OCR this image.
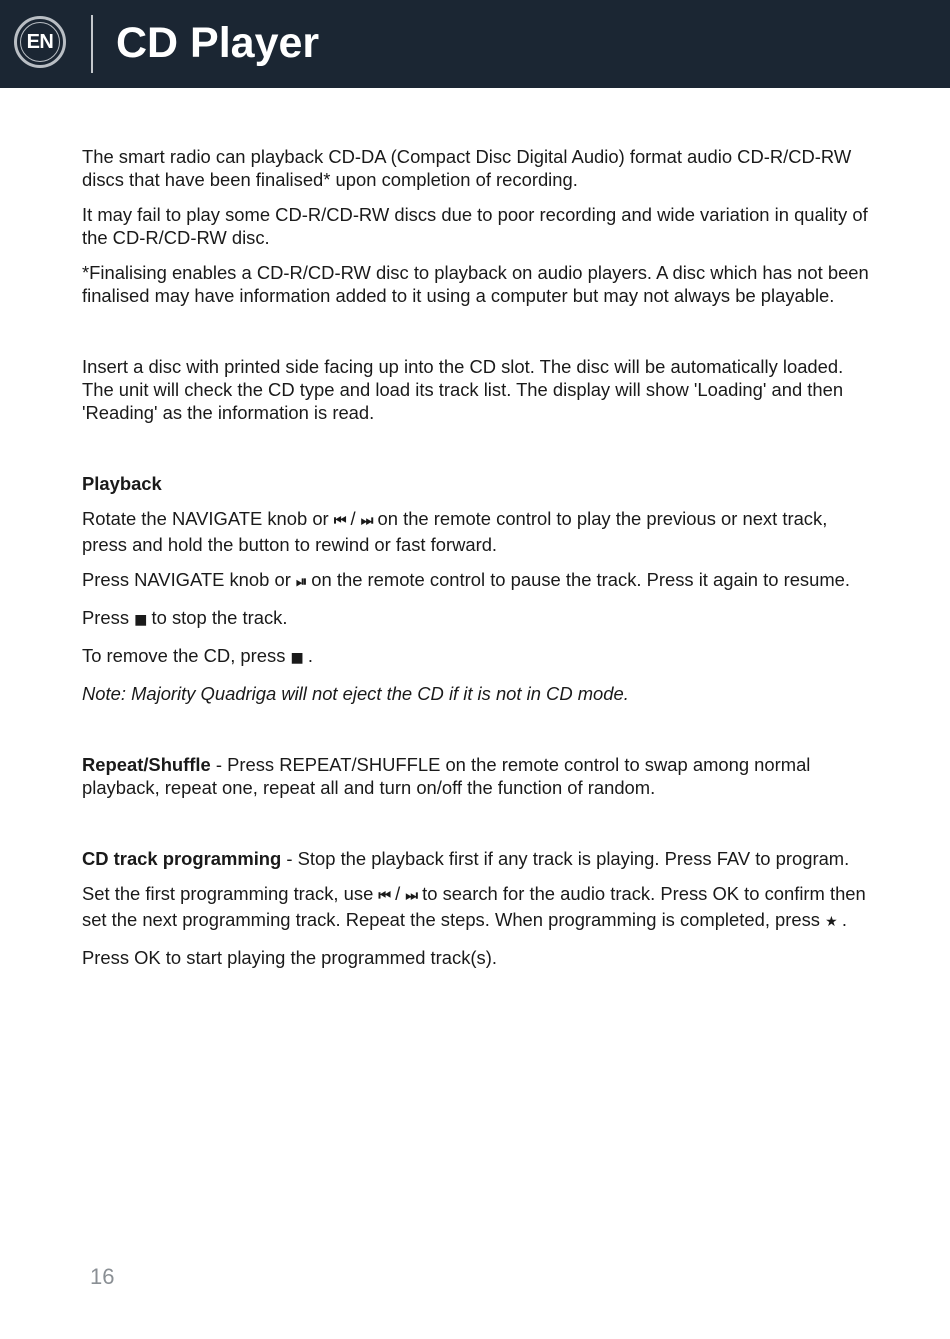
EN CD Player

The smart radio can playback CD-DA (Compact Disc Digital Audio) format audio CD-R/CD-RW discs that have been finalised* upon completion of recording.

It may fail to play some CD-R/CD-RW discs due to poor recording and wide variation in quality of the CD-R/CD-RW disc.

*Finalising enables a CD-R/CD-RW disc to playback on audio players. A disc which has not been finalised may have information added to it using a computer but may not always be playable.

Insert a disc with printed side facing up into the CD slot. The disc will be automatically loaded. The unit will check the CD type and load its track list. The display will show 'Loading' and then 'Reading' as the information is read.

Playback

Rotate the NAVIGATE knob or ⏮ / ⏭ on the remote control to play the previous or next track, press and hold the button to rewind or fast forward.

Press NAVIGATE knob or ⏯ on the remote control to pause the track. Press it again to resume.

Press ■ to stop the track.

To remove the CD, press ■ .

Note: Majority Quadriga will not eject the CD if it is not in CD mode.

Repeat/Shuffle - Press REPEAT/SHUFFLE on the remote control to swap among normal playback, repeat one, repeat all and turn on/off the function of random.

CD track programming - Stop the playback first if any track is playing. Press FAV to program.

Set the first programming track, use ⏮ / ⏭ to search for the audio track. Press OK to confirm then set the next programming track. Repeat the steps. When programming is completed, press ★ .

Press OK to start playing the programmed track(s).

16
